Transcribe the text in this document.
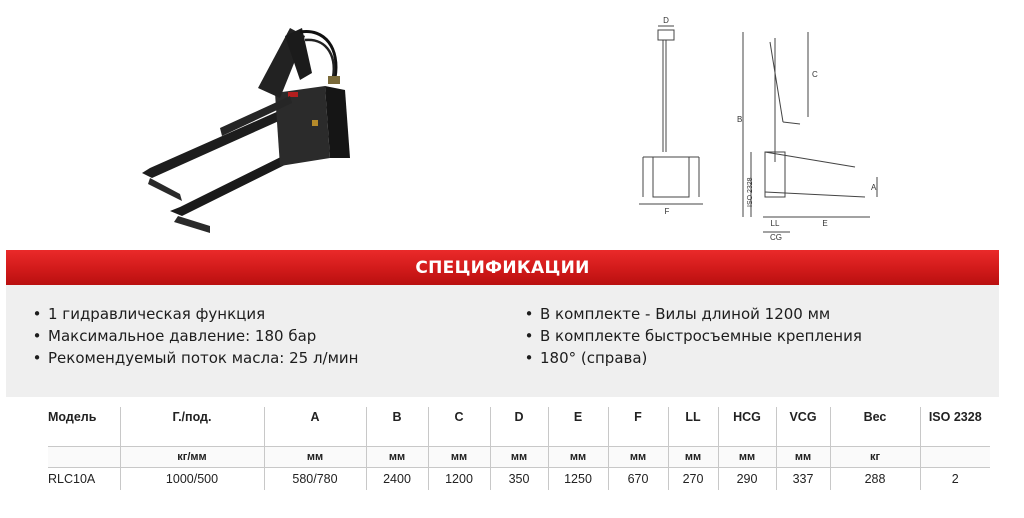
D
C
B
A
F
ISO 2328
LL	E
CG
СПЕЦИФИКАЦИИ
• 1 гидравлическая функция
• Максимальное давление: 180 бар
• Рекомендуемый поток масла: 25 л/мин
• В комплекте - Вилы длиной 1200 мм
• В комплекте быстросъемные крепления
• 180° (справа)
Модель	Г./под.	A	B	C	D	E	F	LL	HCG	VCG	Вес	ISO 2328
	кг/мм	мм	мм	мм	мм	мм	мм	мм	мм	мм	кг	
RLC10A	1000/500	580/780	2400	1200	350	1250	670	270	290	337	288	2
